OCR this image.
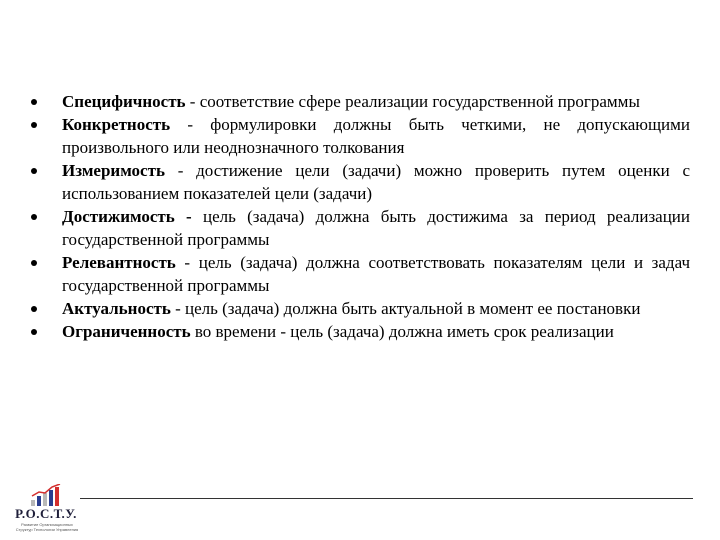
Специфичность - соответствие сфере реализации государственной программы
Конкретность - формулировки должны быть четкими, не допускающими произвольного или неоднозначного толкования
Измеримость - достижение цели (задачи) можно проверить путем оценки с использованием показателей цели (задачи)
Достижимость - цель (задача) должна быть достижима за период реализации государственной программы
Релевантность - цель (задача) должна соответствовать показателям цели и задач государственной программы
Актуальность - цель (задача) должна быть актуальной в момент ее постановки
Ограниченность во времени - цель (задача) должна иметь срок реализации
Р.О.С.Т.У.
Развитие Организационных Структур Технологии Управления
